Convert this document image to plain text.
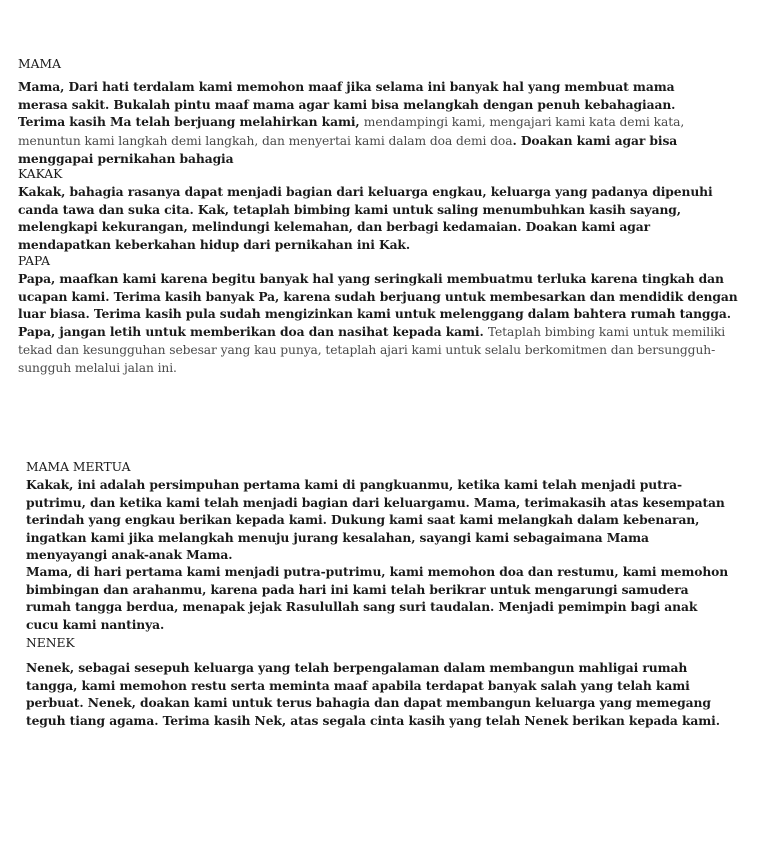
MAMA

Mama, Dari hati terdalam kami memohon maaf jika selama ini banyak hal yang membuat mama merasa sakit. Bukalah pintu maaf mama agar kami bisa melangkah dengan penuh kebahagiaan. Terima kasih Ma telah berjuang melahirkan kami, mendampingi kami, mengajari kami kata demi kata, menuntun kami langkah demi langkah, dan menyertai kami dalam doa demi doa. Doakan kami agar bisa menggapai pernikahan bahagia

KAKAK

Kakak, bahagia rasanya dapat menjadi bagian dari keluarga engkau, keluarga yang padanya dipenuhi canda tawa dan suka cita. Kak, tetaplah bimbing kami untuk saling menumbuhkan kasih sayang, melengkapi kekurangan, melindungi kelemahan, dan berbagi kedamaian. Doakan kami agar mendapatkan keberkahan hidup dari pernikahan ini Kak.

PAPA

Papa, maafkan kami karena begitu banyak hal yang seringkali membuatmu terluka karena tingkah dan ucapan kami. Terima kasih banyak Pa, karena sudah berjuang untuk membesarkan dan mendidik dengan luar biasa. Terima kasih pula sudah mengizinkan kami untuk melenggang dalam bahtera rumah tangga. Papa, jangan letih untuk memberikan doa dan nasihat kepada kami. Tetaplah bimbing kami untuk memiliki tekad dan kesungguhan sebesar yang kau punya, tetaplah ajari kami untuk selalu berkomitmen dan bersungguh-sungguh melalui jalan ini.

MAMA MERTUA

Kakak, ini adalah persimpuhan pertama kami di pangkuanmu, ketika kami telah menjadi putra-putrimu, dan ketika kami telah menjadi bagian dari keluargamu. Mama, terimakasih atas kesempatan terindah yang engkau berikan kepada kami. Dukung kami saat kami melangkah dalam kebenaran, ingatkan kami jika melangkah menuju jurang kesalahan, sayangi kami sebagaimana Mama menyayangi anak-anak Mama.

Mama, di hari pertama kami menjadi putra-putrimu, kami memohon doa dan restumu, kami memohon bimbingan dan arahanmu, karena pada hari ini kami telah berikrar untuk mengarungi samudera rumah tangga berdua, menapak jejak Rasulullah sang suri taudalan. Menjadi pemimpin bagi anak cucu kami nantinya.

NENEK

Nenek, sebagai sesepuh keluarga yang telah berpengalaman dalam membangun mahligai rumah tangga, kami memohon restu serta meminta maaf apabila terdapat banyak salah yang telah kami perbuat. Nenek, doakan kami untuk terus bahagia dan dapat membangun keluarga yang memegang teguh tiang agama. Terima kasih Nek, atas segala cinta kasih yang telah Nenek berikan kepada kami.
